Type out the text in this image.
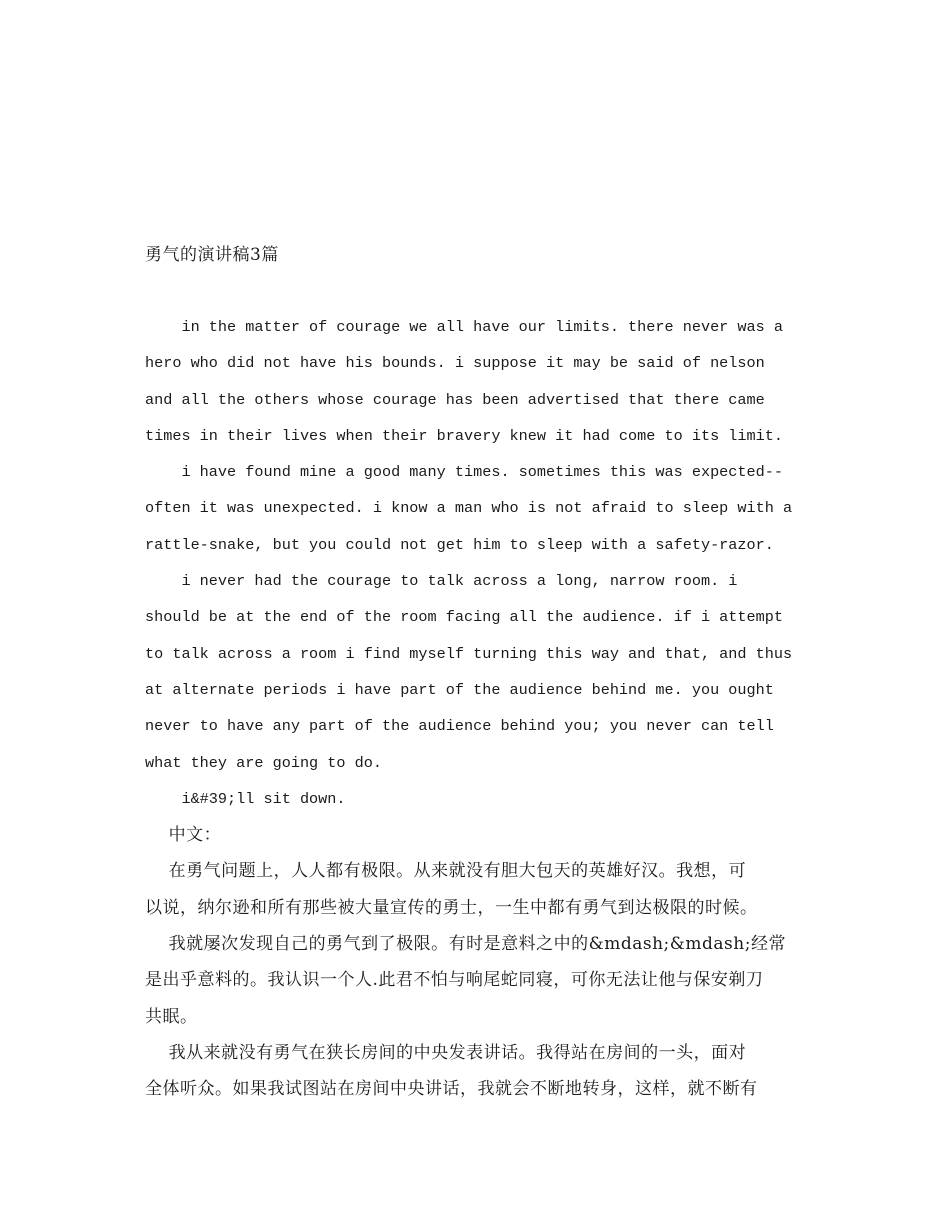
勇气的演讲稿3篇

in the matter of courage we all have our limits. there never was a
hero who did not have his bounds. i suppose it may be said of nelson
and all the others whose courage has been advertised that there came
times in their lives when their bravery knew it had come to its limit.

i have found mine a good many times. sometimes this was expected--
often it was unexpected. i know a man who is not afraid to sleep with a
rattle-snake, but you could not get him to sleep with a safety-razor.

i never had the courage to talk across a long, narrow room. i
should be at the end of the room facing all the audience. if i attempt
to talk across a room i find myself turning this way and that, and thus
at alternate periods i have part of the audience behind me. you ought
never to have any part of the audience behind you; you never can tell
what they are going to do.

i&#39;ll sit down.

中文：

在勇气问题上，人人都有极限。从来就没有胆大包天的英雄好汉。我想，可
以说，纳尔逊和所有那些被大量宣传的勇士，一生中都有勇气到达极限的时候。

我就屡次发现自己的勇气到了极限。有时是意料之中的&mdash;&mdash;经常
是出乎意料的。我认识一个人.此君不怕与响尾蛇同寝，可你无法让他与保安剃刀
共眠。

我从来就没有勇气在狭长房间的中央发表讲话。我得站在房间的一头，面对
全体听众。如果我试图站在房间中央讲话，我就会不断地转身，这样，就不断有
